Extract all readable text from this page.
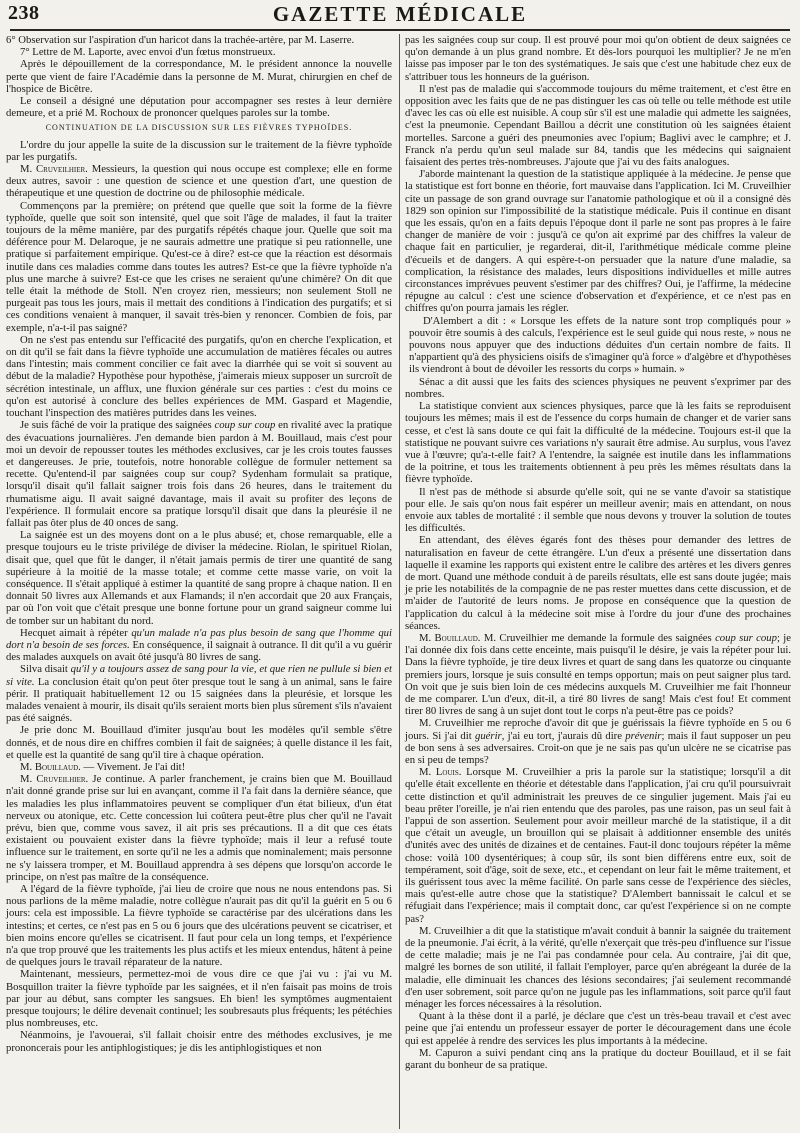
238	GAZETTE MÉDICALE

6° Observation sur l'aspiration d'un haricot dans la trachée-artère, par M. Laserre.

7° Lettre de M. Laporte, avec envoi d'un fœtus monstrueux.

Après le dépouillement de la correspondance, M. le président annonce la nouvelle perte que vient de faire l'Académie dans la personne de M. Murat, chirurgien en chef de l'hospice de Bicêtre.

Le conseil a désigné une députation pour accompagner ses restes à leur dernière demeure, et a prié M. Rochoux de prononcer quelques paroles sur la tombe.

CONTINUATION DE LA DISCUSSION SUR LES FIÈVRES TYPHOÏDES.

L'ordre du jour appelle la suite de la discussion sur le traitement de la fièvre typhoïde par les purgatifs.

M. Cruveilhier. Messieurs, la question qui nous occupe est complexe; elle en forme deux autres, savoir : une question de science et une question d'art, une question de thérapeutique et une question de doctrine ou de philosophie médicale.

Commençons par la première; on prétend que quelle que soit la forme de la fièvre typhoïde, quelle que soit son intensité, quel que soit l'âge de malades, il faut la traiter toujours de la même manière, par des purgatifs répétés chaque jour. Quelle que soit ma déférence pour M. Delaroque, je ne saurais admettre une pratique si peu rationnelle, une pratique si parfaitement empirique. Qu'est-ce à dire? est-ce que la réaction est désormais inutile dans ces maladies comme dans toutes les autres? Est-ce que la fièvre typhoïde n'a plus une marche à suivre? Est-ce que les crises ne seraient qu'une chimère? On dit que telle était la méthode de Stoll. N'en croyez rien, messieurs; non seulement Stoll ne purgeait pas tous les jours, mais il mettait des conditions à l'indication des purgatifs; et si ces conditions venaient à manquer, il savait très-bien y renoncer. Combien de fois, par exemple, n'a-t-il pas saigné?

On ne s'est pas entendu sur l'efficacité des purgatifs, qu'on en cherche l'explication, et on dit qu'il se fait dans la fièvre typhoïde une accumulation de matières fécales ou autres dans l'intestin; mais comment concilier ce fait avec la diarrhée qui se voit si souvent au début de la maladie? Hypothèse pour hypothèse, j'aimerais mieux supposer un surcroît de sécrétion intestinale, un afflux, une fluxion générale sur ces parties : c'est du moins ce qu'on est autorisé à conclure des belles expériences de MM. Gaspard et Magendie, touchant l'inspection des matières putrides dans les veines.

Je suis fâché de voir la pratique des saignées coup sur coup en rivalité avec la pratique des évacuations journalières. J'en demande bien pardon à M. Bouillaud, mais c'est pour moi un devoir de repousser toutes les méthodes exclusives, car je les crois toutes fausses et dangereuses. Je prie, toutefois, notre honorable collègue de formuler nettement sa recette. Qu'entend-il par saignées coup sur coup? Sydenham formulait sa pratique, lorsqu'il disait qu'il fallait saigner trois fois dans 26 heures, dans le traitement du rhumatisme aigu. Il avait saigné davantage, mais il avait su profiter des leçons de l'expérience. Il formulait encore sa pratique lorsqu'il disait que dans la pleurésie il ne fallait pas ôter plus de 40 onces de sang.

La saignée est un des moyens dont on a le plus abusé; et, chose remarquable, elle a presque toujours eu le triste privilége de diviser la médecine. Riolan, le spirituel Riolan, disait que, quel que fût le danger, il n'était jamais permis de tirer une quantité de sang supérieure à la moitié de la masse totale; et comme cette masse varie, on voit la conséquence. Il s'était appliqué à estimer la quantité de sang propre à chaque nation. Il en donnait 50 livres aux Allemands et aux Flamands; il n'en accordait que 20 aux Français, par où l'on voit que c'était presque une bonne fortune pour un grand saigneur comme lui de tomber sur un habitant du nord.

Hecquet aimait à répéter qu'un malade n'a pas plus besoin de sang que l'homme qui dort n'a besoin de ses forces. En conséquence, il saignait à outrance. Il dit qu'il a vu guérir des malades auxquels on avait ôté jusqu'à 80 livres de sang.

Silva disait qu'il y a toujours assez de sang pour la vie, et que rien ne pullule si bien et si vite. La conclusion était qu'on peut ôter presque tout le sang à un animal, sans le faire périr. Il pratiquait habituellement 12 ou 15 saignées dans la pleurésie, et lorsque les malades venaient à mourir, ils disait qu'ils seraient morts bien plus sûrement s'ils n'avaient pas été saignés.

Je prie donc M. Bouillaud d'imiter jusqu'au bout les modèles qu'il semble s'être donnés, et de nous dire en chiffres combien il fait de saignées; à quelle distance il les fait, et quelle est la quantité de sang qu'il tire à chaque opération.

M. Bouillaud. — Vivement. Je l'ai dit!

M. Cruveilhier. Je continue. A parler franchement, je crains bien que M. Bouillaud n'ait donné grande prise sur lui en avançant, comme il l'a fait dans la dernière séance, que les maladies les plus inflammatoires peuvent se compliquer d'un état bilieux, d'un état nerveux ou atonique, etc. Cette concession lui coûtera peut-être plus cher qu'il ne l'avait prévu, bien que, comme vous savez, il ait pris ses précautions. Il a dit que ces états existaient ou pouvaient exister dans la fièvre typhoïde; mais il leur a refusé toute influence sur le traitement, en sorte qu'il ne les a admis que nominalement; mais personne ne s'y laissera tromper, et M. Bouillaud apprendra à ses dépens que lorsqu'on accorde le principe, on n'est pas maître de la conséquence.

A l'égard de la fièvre typhoïde, j'ai lieu de croire que nous ne nous entendons pas. Si nous parlions de la même maladie, notre collègue n'aurait pas dit qu'il la guérit en 5 ou 6 jours: cela est impossible. La fièvre typhoïde se caractérise par des ulcérations dans les intestins; et certes, ce n'est pas en 5 ou 6 jours que des ulcérations peuvent se cicatriser, et bien moins encore qu'elles se cicatrisent. Il faut pour cela un long temps, et l'expérience n'a que trop prouvé que les traitements les plus actifs et les mieux entendus, hâtent à peine de quelques jours le travail réparateur de la nature.

Maintenant, messieurs, permettez-moi de vous dire ce que j'ai vu : j'ai vu M. Bosquillon traiter la fièvre typhoïde par les saignées, et il n'en faisait pas moins de trois par jour au début, sans compter les sangsues. Eh bien! les symptômes augmentaient presque toujours; le délire devenait continuel; les soubresauts plus fréquents; les pétéchies plus nombreuses, etc.

Néanmoins, je l'avouerai, s'il fallait choisir entre des méthodes exclusives, je me prononcerais pour les antiphlogistiques; je dis les antiphlogistiques et non

pas les saignées coup sur coup. Il est prouvé pour moi qu'on obtient de deux saignées ce qu'on demande à un plus grand nombre. Et dès-lors pourquoi les multiplier? Je ne m'en laisse pas imposer par le ton des systématiques. Je sais que c'est une habitude chez eux de s'attribuer tous les honneurs de la guérison.

Il n'est pas de maladie qui s'accommode toujours du même traitement, et c'est être en opposition avec les faits que de ne pas distinguer les cas où telle ou telle méthode est utile d'avec les cas où elle est nuisible. A coup sûr s'il est une maladie qui admette les saignées, c'est la pneumonie. Cependant Baillou a décrit une constitution où les saignées étaient mortelles. Sarcone a guéri des pneumonies avec l'opium; Baglivi avec le camphre; et J. Franck n'a perdu qu'un seul malade sur 84, tandis que les médecins qui saignaient faisaient des pertes très-nombreuses. J'ajoute que j'ai vu des faits analogues.

J'aborde maintenant la question de la statistique appliquée à la médecine. Je pense que la statistique est fort bonne en théorie, fort mauvaise dans l'application. Ici M. Cruveilhier cite un passage de son grand ouvrage sur l'anatomie pathologique et où il a consigné dès 1829 son opinion sur l'impossibilité de la statistique médicale. Puis il continue en disant que les essais, qu'on en a faits depuis l'époque dont il parle ne sont pas propres à le faire changer de manière de voir : jusqu'à ce qu'on ait exprimé par des chiffres la valeur de chaque fait en particulier, je regarderai, dit-il, l'arithmétique médicale comme pleine d'écueils et de dangers. A qui espère-t-on persuader que la nature d'une maladie, sa complication, la résistance des malades, leurs dispositions individuelles et mille autres circonstances imprévues peuvent s'estimer par des chiffres? Oui, je l'affirme, la médecine répugne au calcul : c'est une science d'observation et d'expérience, et ce n'est pas en chiffres qu'on pourra jamais les régler.

D'Alembert a dit : « Lorsque les effets de la nature sont trop compliqués pour » pouvoir être soumis à des calculs, l'expérience est le seul guide qui nous reste, » nous ne pouvons nous appuyer que des inductions déduites d'un certain nombre de faits. Il n'appartient qu'à des physiciens oisifs de s'imaginer qu'à force » d'algèbre et d'hypothèses ils viendront à bout de dévoiler les ressorts du corps » humain. »

Sénac a dit aussi que les faits des sciences physiques ne peuvent s'exprimer par des nombres.

La statistique convient aux sciences physiques, parce que là les faits se reproduisent toujours les mêmes; mais il est de l'essence du corps humain de changer et de varier sans cesse, et c'est là sans doute ce qui fait la difficulté de la médecine. Toujours est-il que la statistique ne pouvant suivre ces variations n'y saurait être admise. Au surplus, vous l'avez vue à l'œuvre; qu'a-t-elle fait? A l'entendre, la saignée est inutile dans les inflammations de la poitrine, et tous les traitements obtiennent à peu près les mêmes résultats dans la fièvre typhoïde.

Il n'est pas de méthode si absurde qu'elle soit, qui ne se vante d'avoir sa statistique pour elle. Je sais qu'on nous fait espérer un meilleur avenir; mais en attendant, on nous envoie aux tables de mortalité : il semble que nous devons y trouver la solution de toutes les difficultés.

En attendant, des élèves égarés font des thèses pour demander des lettres de naturalisation en faveur de cette étrangère. L'un d'eux a présenté une dissertation dans laquelle il examine les rapports qui existent entre le calibre des artères et les divers genres de mort. Quand une méthode conduit à de pareils résultats, elle est sans doute jugée; mais je prie les notabilités de la compagnie de ne pas rester muettes dans cette discussion, et de m'aider de l'autorité de leurs noms. Je propose en conséquence que la question de l'application du calcul à la médecine soit mise à l'ordre du jour d'une des prochaines séances.

M. Bouillaud. M. Cruveilhier me demande la formule des saignées coup sur coup; je l'ai donnée dix fois dans cette enceinte, mais puisqu'il le désire, je vais la répéter pour lui. Dans la fièvre typhoïde, je tire deux livres et quart de sang dans les quatorze ou cinquante premiers jours, lorsque je suis consulté en temps opportun; mais on peut saigner plus tard. On voit que je suis bien loin de ces médecins auxquels M. Cruveilhier me fait l'honneur de me comparer. L'un d'eux, dit-il, a tiré 80 livres de sang! Mais c'est fou! Et comment tirer 80 livres de sang à un sujet dont tout le corps n'a peut-être pas ce poids?

M. Cruveilhier me reproche d'avoir dit que je guérissais la fièvre typhoïde en 5 ou 6 jours. Si j'ai dit guérir, j'ai eu tort, j'aurais dû dire prévenir; mais il faut supposer un peu de bon sens à ses adversaires. Croit-on que je ne sais pas qu'un ulcère ne se cicatrise pas en si peu de temps?

M. Louis. Lorsque M. Cruveilhier a pris la parole sur la statistique; lorsqu'il a dit qu'elle était excellente en théorie et détestable dans l'application, j'ai cru qu'il poursuivrait cette distinction et qu'il administrait les preuves de ce singulier jugement. Mais j'ai eu beau prêter l'oreille, je n'ai rien entendu que des paroles, pas une raison, pas un seul fait à l'appui de son assertion. Seulement pour avoir meilleur marché de la statistique, il a dit que c'était un aveugle, un brouillon qui se plaisait à additionner ensemble des unités d'unités avec des unités de dizaines et de centaines. Faut-il donc toujours répéter la même chose: voilà 100 dysentériques; à coup sûr, ils sont bien différens entre eux, soit de tempérament, soit d'âge, soit de sexe, etc., et cependant on leur fait le même traitement, et ils guérissent tous avec la même facilité. On parle sans cesse de l'expérience des siècles, mais qu'est-elle autre chose que la statistique? D'Alembert bannissait le calcul et se réfugiait dans l'expérience; mais il comptait donc, car qu'est l'expérience si on ne compte pas?

M. Cruveilhier a dit que la statistique m'avait conduit à bannir la saignée du traitement de la pneumonie. J'ai écrit, à la vérité, qu'elle n'exerçait que très-peu d'influence sur l'issue de cette maladie; mais je ne l'ai pas condamnée pour cela. Au contraire, j'ai dit que, malgré les bornes de son utilité, il fallait l'employer, parce qu'en abrégeant la durée de la maladie, elle diminuait les chances des lésions secondaires; j'ai seulement recommandé d'en user sobrement, soit parce qu'on ne jugule pas les inflammations, soit parce qu'il faut ménager les forces nécessaires à la résolution.

Quant à la thèse dont il a parlé, je déclare que c'est un très-beau travail et c'est avec peine que j'ai entendu un professeur essayer de porter le découragement dans une école qui est appelée à rendre des services les plus importants à la médecine.

M. Capuron a suivi pendant cinq ans la pratique du docteur Bouillaud, et il se fait garant du bonheur de sa pratique.
